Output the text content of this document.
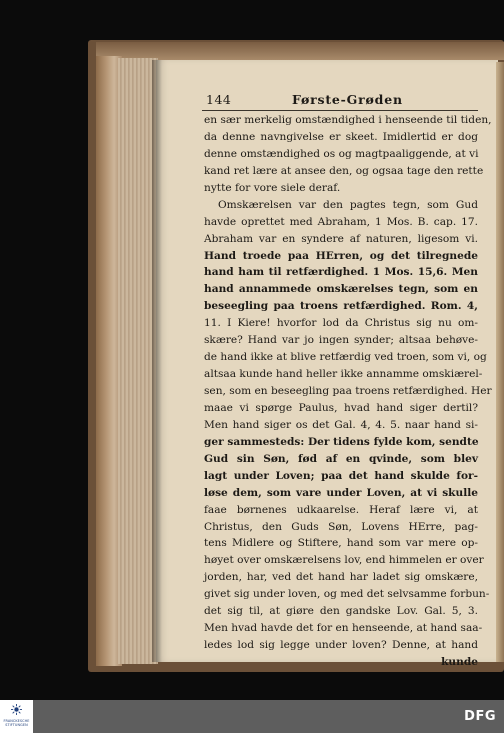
144	Første-Grøden
en sær merkelig omstændighed i henseende til tiden,
da denne navngivelse er skeet. Imidlertid er dog
denne omstændighed os og magtpaaliggende, at vi
kand ret lære at ansee den, og ogsaa tage den rette
nytte for vore siele deraf.
Omskærelsen var den pagtes tegn, som Gud
havde oprettet med Abraham, 1 Mos. B. cap. 17.
Abraham var en syndere af naturen, ligesom vi.
Hand troede paa HErren, og det tilregnede
hand ham til retfærdighed. 1 Mos. 15,6. Men
hand annammede omskærelses tegn, som en
beseegling paa troens retfærdighed. Rom. 4,
11. I Kiere! hvorfor lod da Christus sig nu om-
skære? Hand var jo ingen synder; altsaa behøve-
de hand ikke at blive retfærdig ved troen, som vi, og
altsaa kunde hand heller ikke annamme omskiærel-
sen, som en beseegling paa troens retfærdighed. Her
maae vi spørge Paulus, hvad hand siger dertil?
Men hand siger os det Gal. 4, 4. 5. naar hand si-
ger sammesteds: Der tidens fylde kom, sendte
Gud sin Søn, fød af en qvinde, som blev
lagt under Loven; paa det hand skulde for-
løse dem, som vare under Loven, at vi skulle
faae børnenes udkaarelse. Heraf lære vi, at
Christus, den Guds Søn, Lovens HErre, pag-
tens Midlere og Stiftere, hand som var mere op-
høyet over omskærelsens lov, end himmelen er over
jorden, har, ved det hand har ladet sig omskære,
givet sig under loven, og med det selvsamme forbun-
det sig til, at giøre den gandske Lov. Gal. 5, 3.
Men hvad havde det for en henseende, at hand saa-
ledes lod sig legge under loven? Denne, at hand
kunde
FRANCKESCHE
STIFTUNGEN
DFG
